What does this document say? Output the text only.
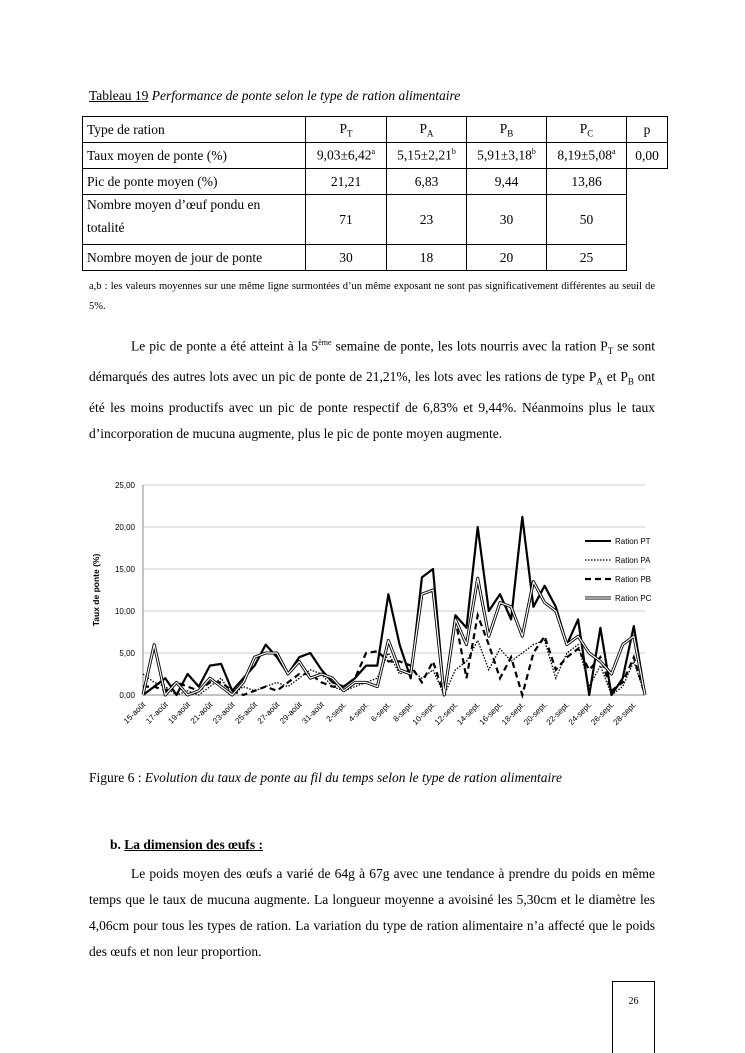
Tableau 19 Performance de ponte selon le type de ration alimentaire
Type de ration	$P_T$	$P_A$	$P_B$	$P_C$	p
Taux moyen de ponte (%)	9,03±6,42$^a$	5,15±2,21$^b$	5,91±3,18$^b$	8,19±5,08$^a$	0,00
Pic de ponte moyen (%)	21,21	6,83	9,44	13,86	
Nombre moyen d’œuf pondu en
totalité	71	23	30	50	
Nombre moyen de jour de ponte	30	18	20	25	
a,b : les valeurs moyennes sur une même ligne surmontées d’un même exposant ne sont pas significativement différentes au seuil de 5%.
Le pic de ponte a été atteint à la 5ème semaine de ponte, les lots nourris avec la ration $P_T$ se sont démarqués des autres lots avec un pic de ponte de 21,21%, les lots avec les rations de type $P_A$ et $P_B$ ont été les moins productifs avec un pic de ponte respectif de 6,83% et 9,44%. Néanmoins plus le taux d’incorporation de mucuna augmente, plus le pic de ponte moyen augmente.
0,00
5,00
10,00
15,00
20,00
25,00
Taux de ponte (%)
15-août
17-août
19-août
21-août
23-août
25-août
27-août
29-août
31-août
2-sept.
4-sept.
6-sept.
8-sept.
10-sept.
12-sept.
14-sept.
16-sept.
18-sept.
20-sept.
22-sept.
24-sept.
26-sept.
28-sept.
Ration PT
Ration PA
Ration PB
Ration PC
Figure 6 : Evolution du taux de ponte au fil du temps selon le type de ration alimentaire
b. La dimension des œufs :
Le poids moyen des œufs a varié de 64g à 67g avec une tendance à prendre du poids en même temps que le taux de mucuna augmente. La longueur moyenne a avoisiné les 5,30cm et le diamètre les 4,06cm pour tous les types de ration. La variation du type de ration alimentaire n’a affecté que le poids des œufs et non leur proportion.
26
